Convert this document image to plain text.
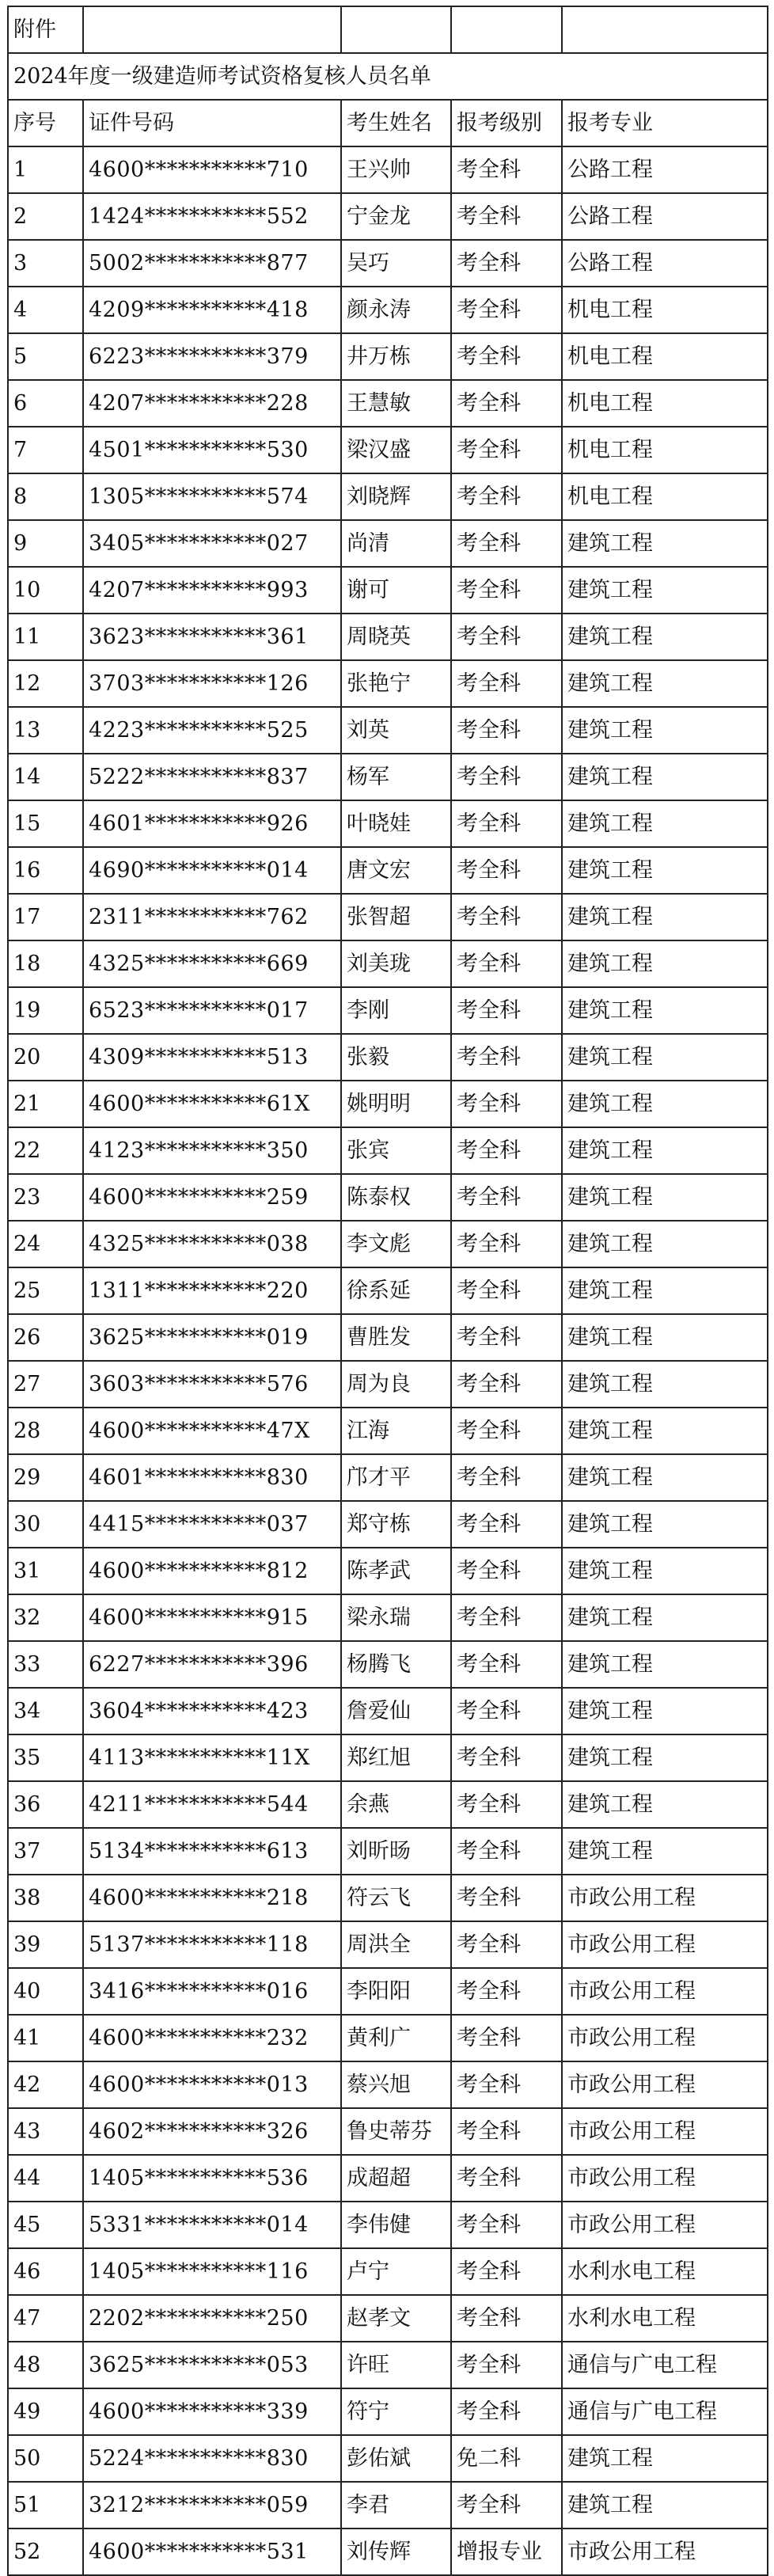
附件				
2024年度一级建造师考试资格复核人员名单				
序号	证件号码	考生姓名	报考级别	报考专业
1	4600***********710	王兴帅	考全科	公路工程
2	1424***********552	宁金龙	考全科	公路工程
3	5002***********877	吴巧	考全科	公路工程
4	4209***********418	颜永涛	考全科	机电工程
5	6223***********379	井万栋	考全科	机电工程
6	4207***********228	王慧敏	考全科	机电工程
7	4501***********530	梁汉盛	考全科	机电工程
8	1305***********574	刘晓辉	考全科	机电工程
9	3405***********027	尚清	考全科	建筑工程
10	4207***********993	谢可	考全科	建筑工程
11	3623***********361	周晓英	考全科	建筑工程
12	3703***********126	张艳宁	考全科	建筑工程
13	4223***********525	刘英	考全科	建筑工程
14	5222***********837	杨军	考全科	建筑工程
15	4601***********926	叶晓娃	考全科	建筑工程
16	4690***********014	唐文宏	考全科	建筑工程
17	2311***********762	张智超	考全科	建筑工程
18	4325***********669	刘美珑	考全科	建筑工程
19	6523***********017	李刚	考全科	建筑工程
20	4309***********513	张毅	考全科	建筑工程
21	4600***********61X	姚明明	考全科	建筑工程
22	4123***********350	张宾	考全科	建筑工程
23	4600***********259	陈泰权	考全科	建筑工程
24	4325***********038	李文彪	考全科	建筑工程
25	1311***********220	徐系延	考全科	建筑工程
26	3625***********019	曹胜发	考全科	建筑工程
27	3603***********576	周为良	考全科	建筑工程
28	4600***********47X	江海	考全科	建筑工程
29	4601***********830	邝才平	考全科	建筑工程
30	4415***********037	郑守栋	考全科	建筑工程
31	4600***********812	陈孝武	考全科	建筑工程
32	4600***********915	梁永瑞	考全科	建筑工程
33	6227***********396	杨腾飞	考全科	建筑工程
34	3604***********423	詹爱仙	考全科	建筑工程
35	4113***********11X	郑红旭	考全科	建筑工程
36	4211***********544	余燕	考全科	建筑工程
37	5134***********613	刘昕旸	考全科	建筑工程
38	4600***********218	符云飞	考全科	市政公用工程
39	5137***********118	周洪全	考全科	市政公用工程
40	3416***********016	李阳阳	考全科	市政公用工程
41	4600***********232	黄利广	考全科	市政公用工程
42	4600***********013	蔡兴旭	考全科	市政公用工程
43	4602***********326	鲁史蒂芬	考全科	市政公用工程
44	1405***********536	成超超	考全科	市政公用工程
45	5331***********014	李伟健	考全科	市政公用工程
46	1405***********116	卢宁	考全科	水利水电工程
47	2202***********250	赵孝文	考全科	水利水电工程
48	3625***********053	许旺	考全科	通信与广电工程
49	4600***********339	符宁	考全科	通信与广电工程
50	5224***********830	彭佑斌	免二科	建筑工程
51	3212***********059	李君	考全科	建筑工程
52	4600***********531	刘传辉	增报专业	市政公用工程
